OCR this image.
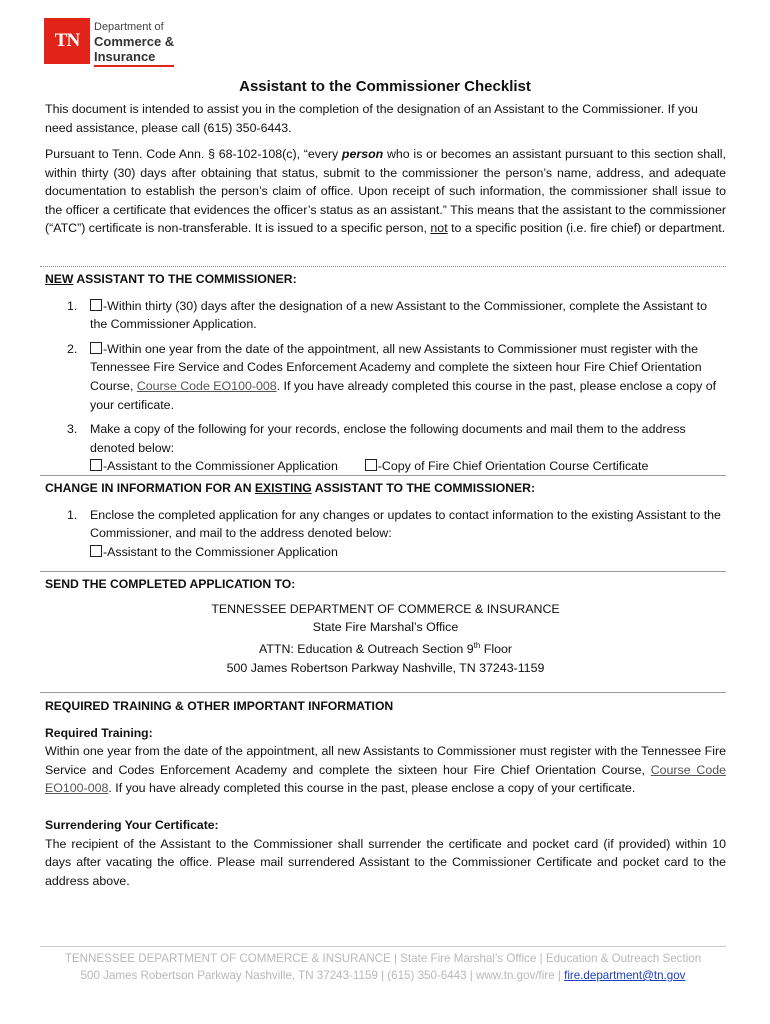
TN
Department of
Commerce &
Insurance
Assistant to the Commissioner Checklist
This document is intended to assist you in the completion of the designation of an Assistant to the Commissioner. If you need assistance, please call (615) 350-6443.
Pursuant to Tenn. Code Ann. § 68-102-108(c), “every person who is or becomes an assistant pursuant to this section shall, within thirty (30) days after obtaining that status, submit to the commissioner the person’s name, address, and adequate documentation to establish the person’s claim of office. Upon receipt of such information, the commissioner shall issue to the officer a certificate that evidences the officer’s status as an assistant.” This means that the assistant to the commissioner (“ATC”) certificate is non-transferable. It is issued to a specific person, not to a specific position (i.e. fire chief) or department.
NEW ASSISTANT TO THE COMMISSIONER:
1. -Within thirty (30) days after the designation of a new Assistant to the Commissioner, complete the Assistant to the Commissioner Application.
2. -Within one year from the date of the appointment, all new Assistants to Commissioner must register with the Tennessee Fire Service and Codes Enforcement Academy and complete the sixteen hour Fire Chief Orientation Course, Course Code EO100-008. If you have already completed this course in the past, please enclose a copy of your certificate.
3. Make a copy of the following for your records, enclose the following documents and mail them to the address denoted below:
-Assistant to the Commissioner Application	-Copy of Fire Chief Orientation Course Certificate
CHANGE IN INFORMATION FOR AN EXISTING ASSISTANT TO THE COMMISSIONER:
1. Enclose the completed application for any changes or updates to contact information to the existing Assistant to the Commissioner, and mail to the address denoted below:
-Assistant to the Commissioner Application
SEND THE COMPLETED APPLICATION TO:
TENNESSEE DEPARTMENT OF COMMERCE & INSURANCE
State Fire Marshal’s Office
ATTN: Education & Outreach Section 9th Floor
500 James Robertson Parkway Nashville, TN 37243-1159
REQUIRED TRAINING & OTHER IMPORTANT INFORMATION
Required Training:
Within one year from the date of the appointment, all new Assistants to Commissioner must register with the Tennessee Fire Service and Codes Enforcement Academy and complete the sixteen hour Fire Chief Orientation Course, Course Code EO100-008. If you have already completed this course in the past, please enclose a copy of your certificate.
Surrendering Your Certificate:
The recipient of the Assistant to the Commissioner shall surrender the certificate and pocket card (if provided) within 10 days after vacating the office. Please mail surrendered Assistant to the Commissioner Certificate and pocket card to the address above.
TENNESSEE DEPARTMENT OF COMMERCE & INSURANCE | State Fire Marshal’s Office | Education & Outreach Section
500 James Robertson Parkway Nashville, TN 37243-1159 | (615) 350-6443 | www.tn.gov/fire | fire.department@tn.gov
